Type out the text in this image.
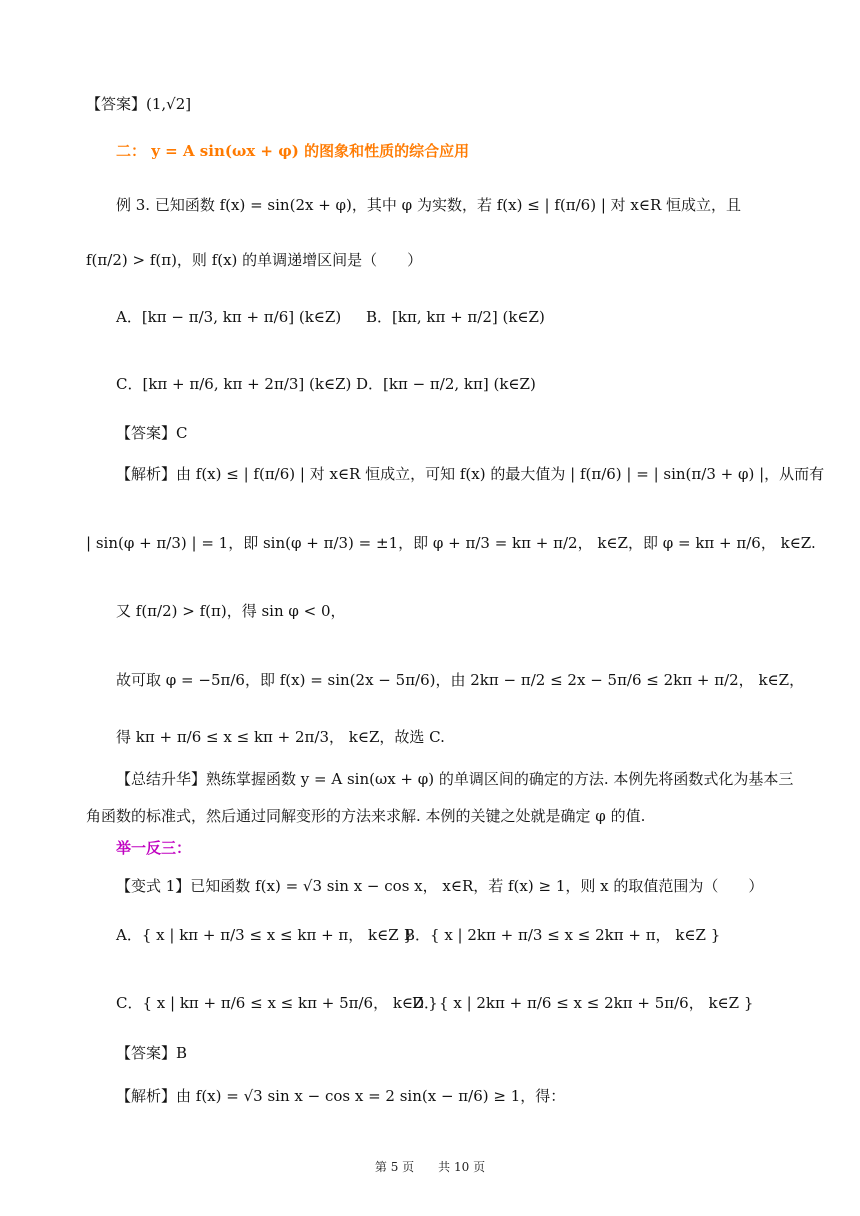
【答案】(1,√2]
二： y = A sin(ωx + φ) 的图象和性质的综合应用
例 3. 已知函数 f(x) = sin(2x + φ)，其中 φ 为实数，若 f(x) ≤ | f(π/6) | 对 x∈R 恒成立，且
f(π/2) > f(π)，则 f(x) 的单调递增区间是（　　）
A．[kπ − π/3, kπ + π/6] (k∈Z) B．[kπ, kπ + π/2] (k∈Z)
C．[kπ + π/6, kπ + 2π/3] (k∈Z) D．[kπ − π/2, kπ] (k∈Z)
【答案】C
【解析】由 f(x) ≤ | f(π/6) | 对 x∈R 恒成立，可知 f(x) 的最大值为 | f(π/6) | = | sin(π/3 + φ) |，从而有
| sin(φ + π/3) | = 1，即 sin(φ + π/3) = ±1，即 φ + π/3 = kπ + π/2， k∈Z，即 φ = kπ + π/6， k∈Z.
又 f(π/2) > f(π)，得 sin φ < 0，
故可取 φ = −5π/6，即 f(x) = sin(2x − 5π/6)，由 2kπ − π/2 ≤ 2x − 5π/6 ≤ 2kπ + π/2， k∈Z，
得 kπ + π/6 ≤ x ≤ kπ + 2π/3， k∈Z，故选 C.
【总结升华】熟练掌握函数 y = A sin(ωx + φ) 的单调区间的确定的方法. 本例先将函数式化为基本三
角函数的标准式，然后通过同解变形的方法来求解. 本例的关键之处就是确定 φ 的值.
举一反三：
【变式 1】已知函数 f(x) = √3 sin x − cos x， x∈R，若 f(x) ≥ 1，则 x 的取值范围为（　　）
A．{ x | kπ + π/3 ≤ x ≤ kπ + π， k∈Z }
B．{ x | 2kπ + π/3 ≤ x ≤ 2kπ + π， k∈Z }
C．{ x | kπ + π/6 ≤ x ≤ kπ + 5π/6， k∈Z }
D．{ x | 2kπ + π/6 ≤ x ≤ 2kπ + 5π/6， k∈Z }
【答案】B
【解析】由 f(x) = √3 sin x − cos x = 2 sin(x − π/6) ≥ 1，得：
第 5 页　　共 10 页
